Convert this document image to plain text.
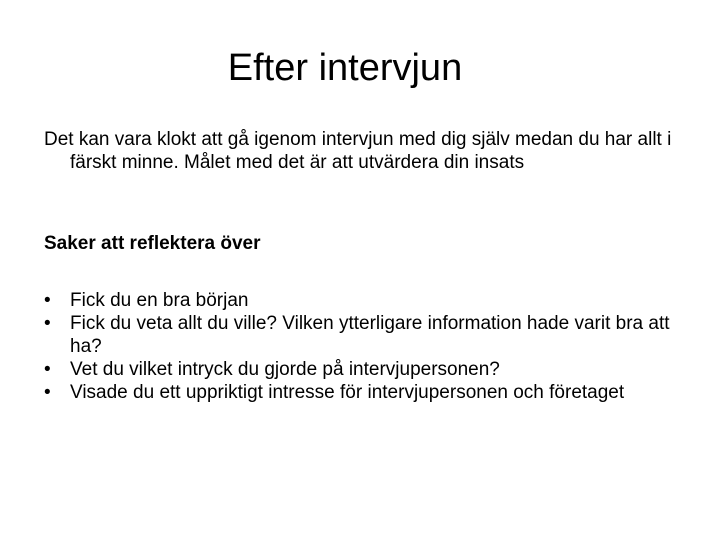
Efter intervjun

Det kan vara klokt att gå igenom intervjun med dig själv medan du har allt i färskt minne. Målet med det är att utvärdera din insats

Saker att reflektera över

•	Fick du en bra början
•	Fick du veta allt du ville? Vilken ytterligare information hade varit bra att ha?
•	Vet du vilket intryck du gjorde på intervjupersonen?
•	Visade du ett uppriktigt intresse för intervjupersonen och företaget
